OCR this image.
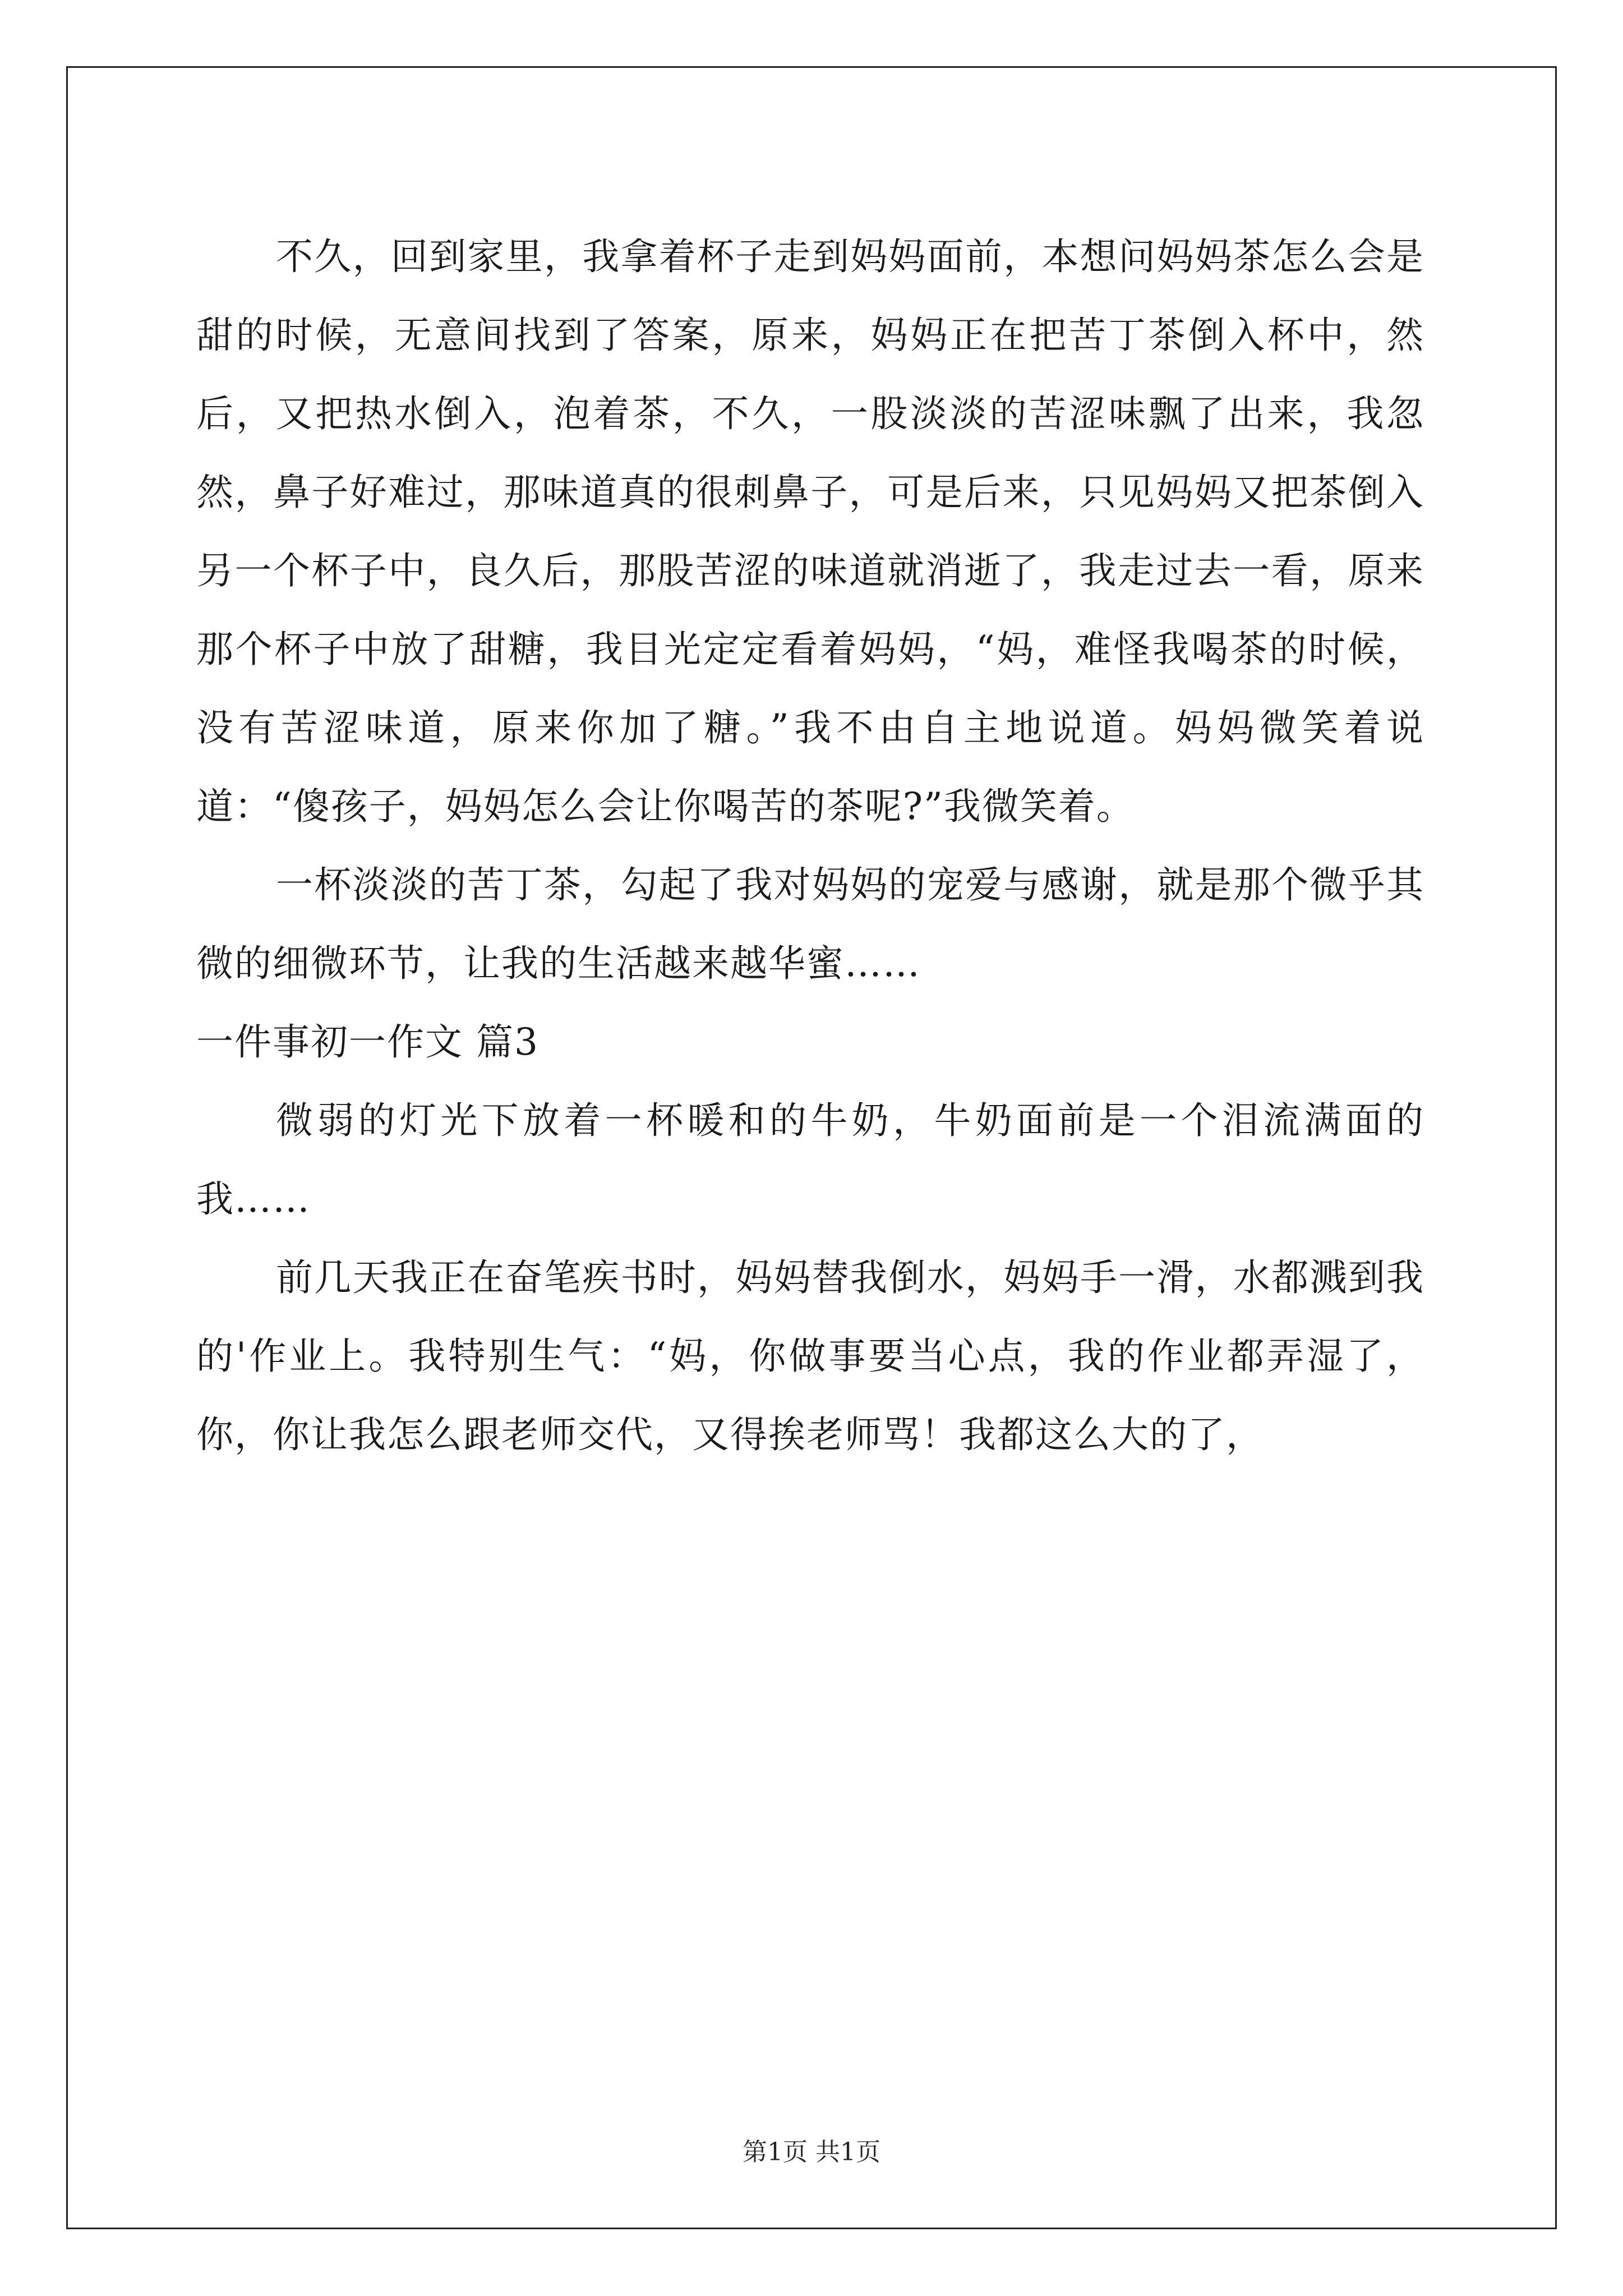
不久，回到家里，我拿着杯子走到妈妈面前，本想问妈妈茶怎么会是甜的时候，无意间找到了答案，原来，妈妈正在把苦丁茶倒入杯中，然后，又把热水倒入，泡着茶，不久，一股淡淡的苦涩味飘了出来，我忽然，鼻子好难过，那味道真的很刺鼻子，可是后来，只见妈妈又把茶倒入另一个杯子中，良久后，那股苦涩的味道就消逝了，我走过去一看，原来那个杯子中放了甜糖，我目光定定看着妈妈，“妈，难怪我喝茶的时候，没有苦涩味道，原来你加了糖。”我不由自主地说道。妈妈微笑着说道：“傻孩子，妈妈怎么会让你喝苦的茶呢?”我微笑着。

一杯淡淡的苦丁茶，勾起了我对妈妈的宠爱与感谢，就是那个微乎其微的细微环节，让我的生活越来越华蜜……

一件事初一作文 篇3

微弱的灯光下放着一杯暖和的牛奶，牛奶面前是一个泪流满面的我……

前几天我正在奋笔疾书时，妈妈替我倒水，妈妈手一滑，水都溅到我的'作业上。我特别生气：“妈，你做事要当心点，我的作业都弄湿了，你，你让我怎么跟老师交代，又得挨老师骂！我都这么大的了，

第1页 共1页
